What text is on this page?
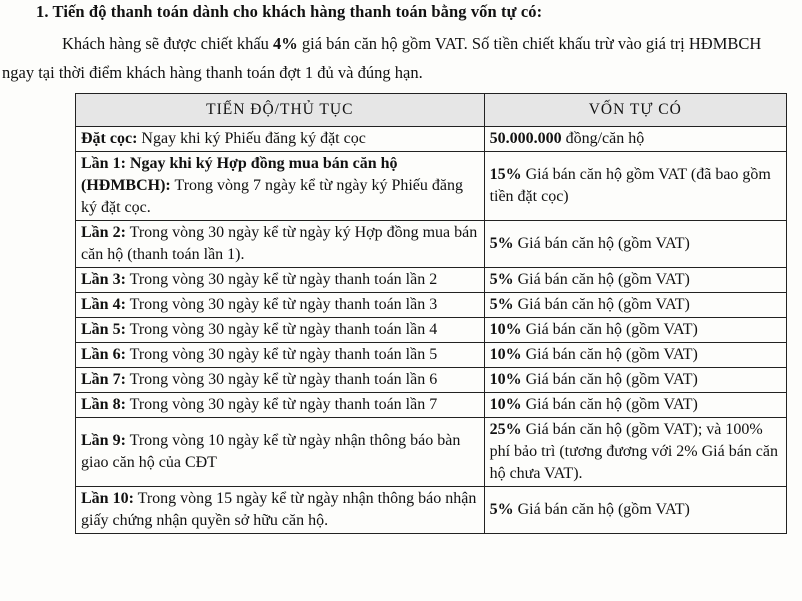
1. Tiến độ thanh toán dành cho khách hàng thanh toán bằng vốn tự có:
Khách hàng sẽ được chiết khấu 4% giá bán căn hộ gồm VAT. Số tiền chiết khấu trừ vào giá trị HĐMBCH
ngay tại thời điểm khách hàng thanh toán đợt 1 đủ và đúng hạn.
TIẾN ĐỘ/THỦ TỤC	VỐN TỰ CÓ
Đặt cọc: Ngay khi ký Phiếu đăng ký đặt cọc	50.000.000 đồng/căn hộ
Lần 1: Ngay khi ký Hợp đồng mua bán căn hộ (HĐMBCH): Trong vòng 7 ngày kể từ ngày ký Phiếu đăng ký đặt cọc.	15% Giá bán căn hộ gồm VAT (đã bao gồm tiền đặt cọc)
Lần 2: Trong vòng 30 ngày kể từ ngày ký Hợp đồng mua bán căn hộ (thanh toán lần 1).	5% Giá bán căn hộ (gồm VAT)
Lần 3: Trong vòng 30 ngày kể từ ngày thanh toán lần 2	5% Giá bán căn hộ (gồm VAT)
Lần 4: Trong vòng 30 ngày kể từ ngày thanh toán lần 3	5% Giá bán căn hộ (gồm VAT)
Lần 5: Trong vòng 30 ngày kể từ ngày thanh toán lần 4	10% Giá bán căn hộ (gồm VAT)
Lần 6: Trong vòng 30 ngày kể từ ngày thanh toán lần 5	10% Giá bán căn hộ (gồm VAT)
Lần 7: Trong vòng 30 ngày kể từ ngày thanh toán lần 6	10% Giá bán căn hộ (gồm VAT)
Lần 8: Trong vòng 30 ngày kể từ ngày thanh toán lần 7	10% Giá bán căn hộ (gồm VAT)
Lần 9: Trong vòng 10 ngày kể từ ngày nhận thông báo bàn giao căn hộ của CĐT	25% Giá bán căn hộ (gồm VAT); và 100% phí bảo trì (tương đương với 2% Giá bán căn hộ chưa VAT).
Lần 10: Trong vòng 15 ngày kể từ ngày nhận thông báo nhận giấy chứng nhận quyền sở hữu căn hộ.	5% Giá bán căn hộ (gồm VAT)
